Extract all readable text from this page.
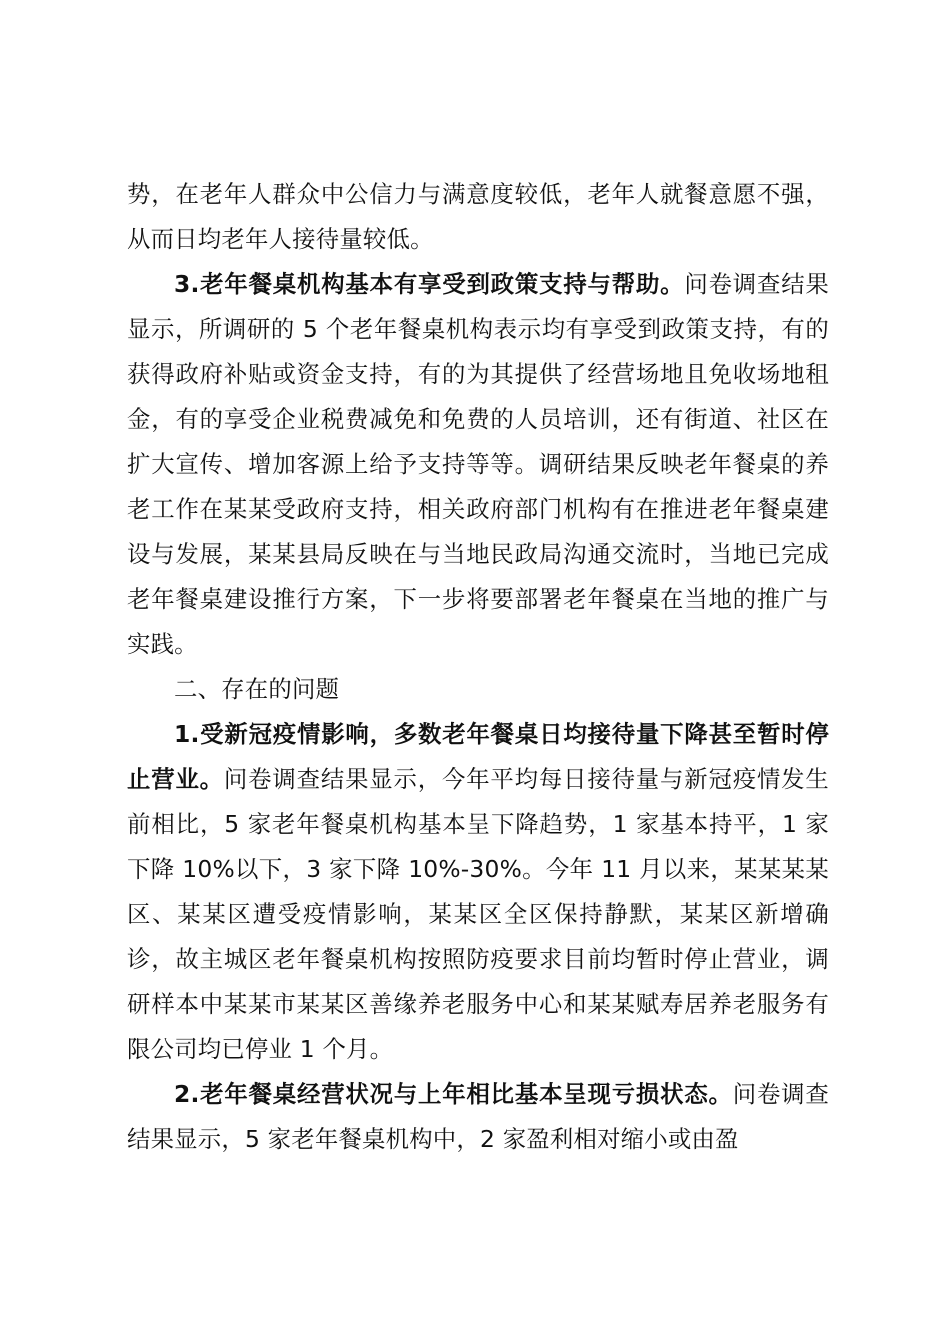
势，在老年人群众中公信力与满意度较低，老年人就餐意愿不强，从而日均老年人接待量较低。

3.老年餐桌机构基本有享受到政策支持与帮助。问卷调查结果显示，所调研的 5 个老年餐桌机构表示均有享受到政策支持，有的获得政府补贴或资金支持，有的为其提供了经营场地且免收场地租金，有的享受企业税费减免和免费的人员培训，还有街道、社区在扩大宣传、增加客源上给予支持等等。调研结果反映老年餐桌的养老工作在某某受政府支持，相关政府部门机构有在推进老年餐桌建设与发展，某某县局反映在与当地民政局沟通交流时，当地已完成老年餐桌建设推行方案，下一步将要部署老年餐桌在当地的推广与实践。

二、存在的问题

1.受新冠疫情影响，多数老年餐桌日均接待量下降甚至暂时停止营业。问卷调查结果显示，今年平均每日接待量与新冠疫情发生前相比，5 家老年餐桌机构基本呈下降趋势，1 家基本持平，1 家下降 10%以下，3 家下降 10%-30%。今年 11 月以来，某某某某区、某某区遭受疫情影响，某某区全区保持静默，某某区新增确诊，故主城区老年餐桌机构按照防疫要求目前均暂时停止营业，调研样本中某某市某某区善缘养老服务中心和某某赋寿居养老服务有限公司均已停业 1 个月。

2.老年餐桌经营状况与上年相比基本呈现亏损状态。问卷调查结果显示，5 家老年餐桌机构中，2 家盈利相对缩小或由盈
